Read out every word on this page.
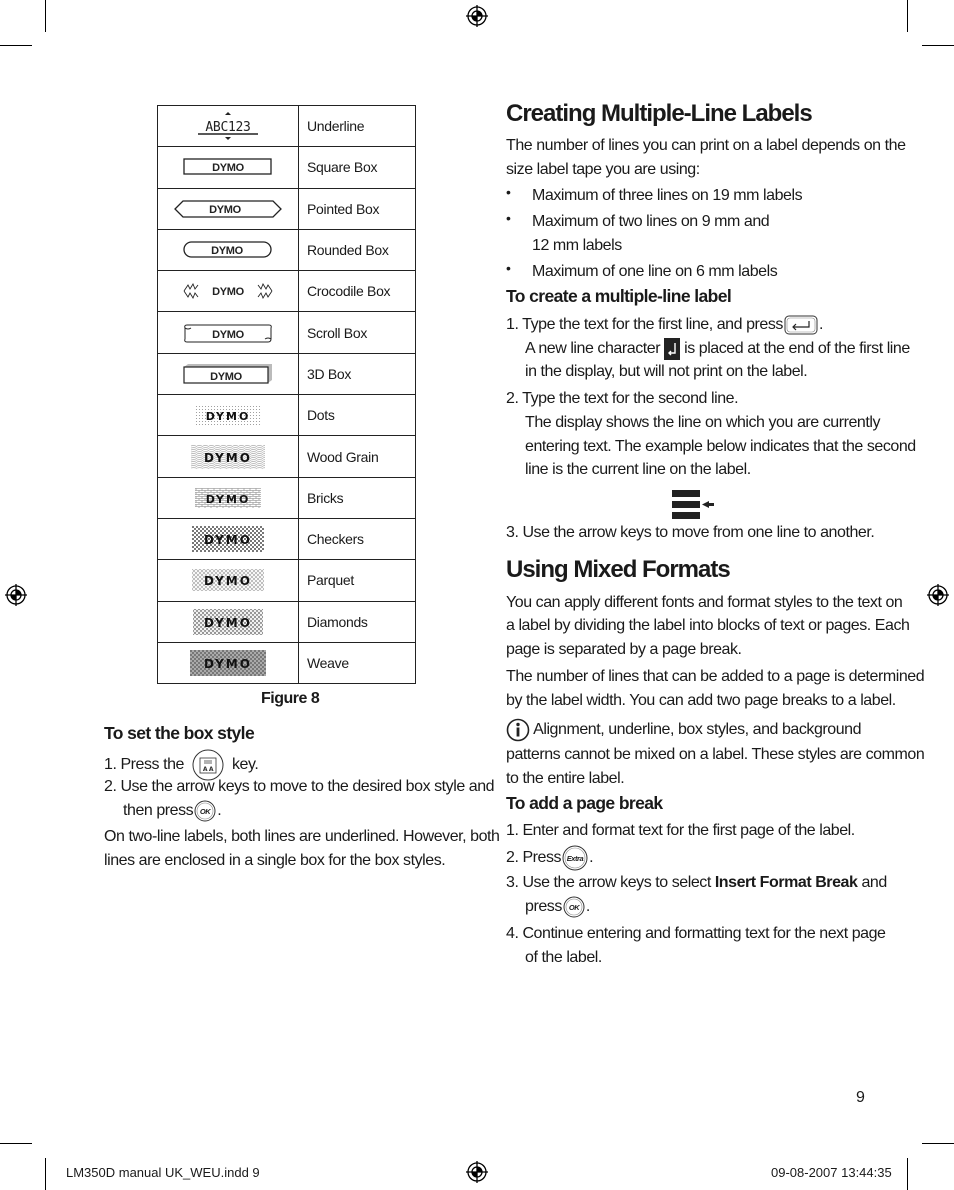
ABC123	Underline

DYMO	Square Box

DYMO	Pointed Box

DYMO	Rounded Box

DYMO	Crocodile Box

DYMO	Scroll Box

DYMO	3D Box

DYMO	Dots

DYMO	Wood Grain

DYMO	Bricks

DYMO	Checkers

DYMO	Parquet

DYMO	Diamonds

DYMO	Weave
Figure 8
To set the box style
1. Press the	A A key.
2. Use the arrow keys to move to the desired box style and
then press OK .
On two-line labels, both lines are underlined. However, both
lines are enclosed in a single box for the box styles.
Creating Multiple-Line Labels
The number of lines you can print on a label depends on the
size label tape you are using:
• Maximum of three lines on 19 mm labels
• Maximum of two lines on 9 mm and
12 mm labels
• Maximum of one line on 6 mm labels
To create a multiple-line label
1. Type the text for the first line, and press .
A new line character is placed at the end of the first line
in the display, but will not print on the label.
2. Type the text for the second line.
The display shows the line on which you are currently
entering text. The example below indicates that the second
line is the current line on the label.
3. Use the arrow keys to move from one line to another.
Using Mixed Formats
You can apply different fonts and format styles to the text on
a label by dividing the label into blocks of text or pages. Each
page is separated by a page break.
The number of lines that can be added to a page is determined
by the label width. You can add two page breaks to a label.
Alignment, underline, box styles, and background
patterns cannot be mixed on a label. These styles are common
to the entire label.
To add a page break
1. Enter and format text for the first page of the label.
2. Press Extra .
3. Use the arrow keys to select Insert Format Break and
press OK .
4. Continue entering and formatting text for the next page
of the label.
9
LM350D manual UK_WEU.indd 9	09-08-2007 13:44:35
